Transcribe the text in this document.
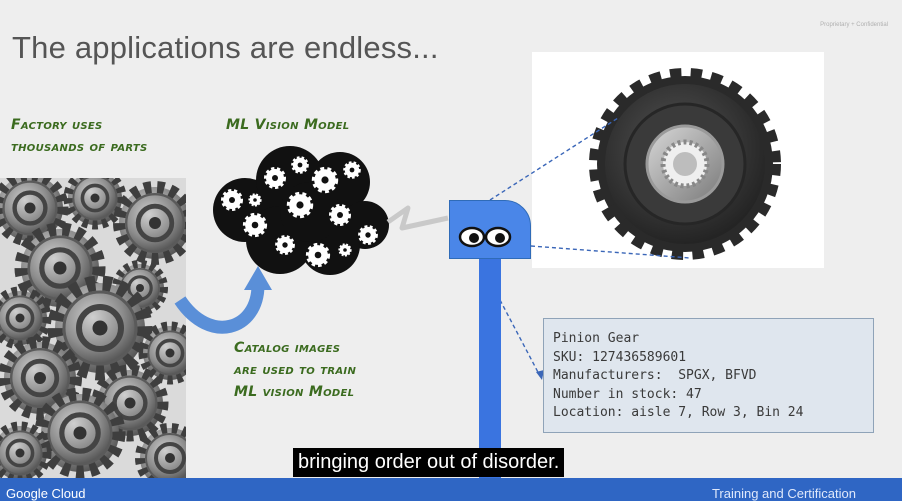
The applications are endless...
Proprietary + Confidential
Factory uses
thousands of parts
ML Vision Model
Catalog images
are used to train
ML vision Model
Pinion Gear
SKU: 127436589601
Manufacturers:  SPGX, BFVD
Number in stock: 47
Location: aisle 7, Row 3, Bin 24
Google Cloud	Training and Certification
bringing order out of disorder.
